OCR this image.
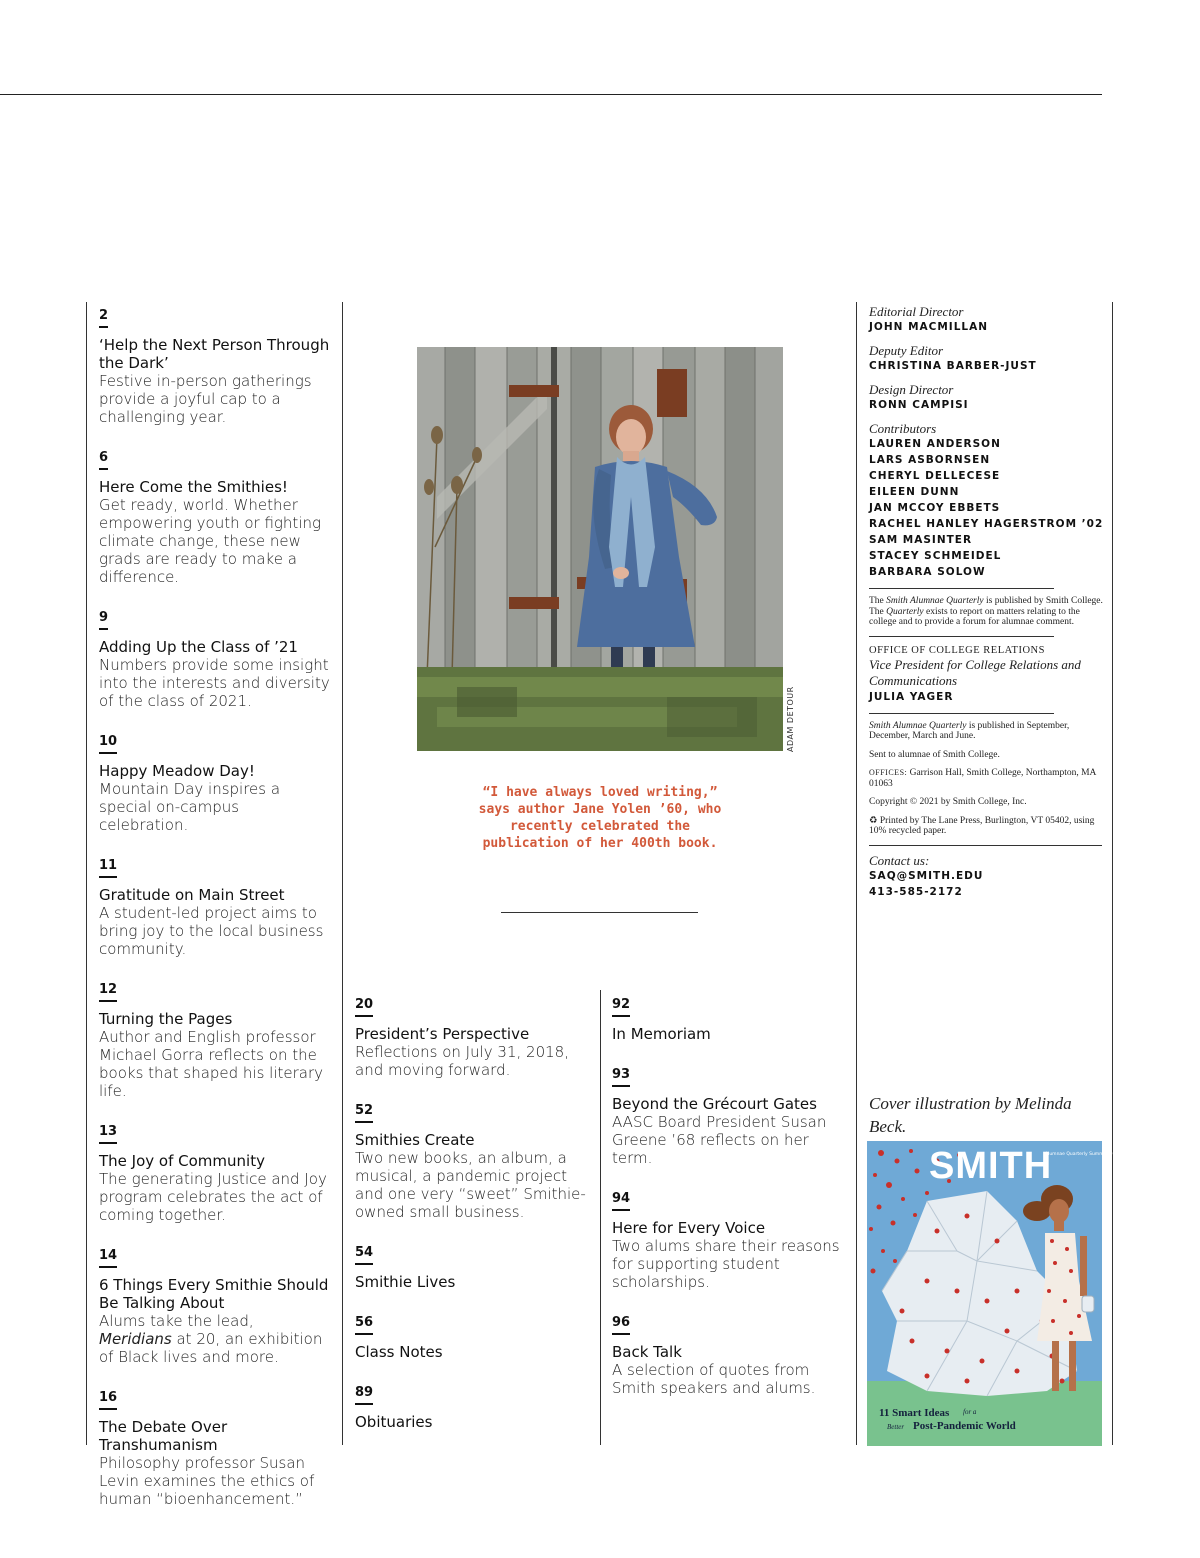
2
‘Help the Next Person Through the Dark’
Festive in-person gatherings provide a joyful cap to a challenging year.
6
Here Come the Smithies!
Get ready, world. Whether empowering youth or fighting climate change, these new grads are ready to make a difference.
9
Adding Up the Class of ’21
Numbers provide some insight into the interests and diversity of the class of 2021.
10
Happy Meadow Day!
Mountain Day inspires a special on-campus celebration.
11
Gratitude on Main Street
A student-led project aims to bring joy to the local business community.
12
Turning the Pages
Author and English professor Michael Gorra reflects on the books that shaped his literary life.
13
The Joy of Community
The generating Justice and Joy program celebrates the act of coming together.
14
6 Things Every Smithie Should Be Talking About
Alums take the lead, Meridians at 20, an exhibition of Black lives and more.
16
The Debate Over Transhumanism
Philosophy professor Susan Levin examines the ethics of human “bioenhancement.”
ADAM DETOUR
“I have always loved writing,” says author Jane Yolen ’60, who recently celebrated the publication of her 400th book.
20
President’s Perspective
Reflections on July 31, 2018, and moving forward.
52
Smithies Create
Two new books, an album, a musical, a pandemic project and one very “sweet” Smithie-owned small business.
54
Smithie Lives
56
Class Notes
89
Obituaries
92
In Memoriam
93
Beyond the Grécourt Gates
AASC Board President Susan Greene ’68 reflects on her term.
94
Here for Every Voice
Two alums share their reasons for supporting student scholarships.
96
Back Talk
A selection of quotes from Smith speakers and alums.
Editorial Director
JOHN MACMILLAN
Deputy Editor
CHRISTINA BARBER-JUST
Design Director
RONN CAMPISI
Contributors
LAUREN ANDERSON
LARS ASBORNSEN
CHERYL DELLECESE
EILEEN DUNN
JAN MCCOY EBBETS
RACHEL HANLEY HAGERSTROM ’02
SAM MASINTER
STACEY SCHMEIDEL
BARBARA SOLOW
The Smith Alumnae Quarterly is published by Smith College. The Quarterly exists to report on matters relating to the college and to provide a forum for alumnae comment.
OFFICE OF COLLEGE RELATIONS
Vice President for College Relations and Communications
JULIA YAGER
Smith Alumnae Quarterly is published in September, December, March and June.
Sent to alumnae of Smith College.
OFFICES: Garrison Hall, Smith College, Northampton, MA 01063
Copyright © 2021 by Smith College, Inc.
♻ Printed by The Lane Press, Burlington, VT 05402, using 10% recycled paper.
Contact us:
SAQ@SMITH.EDU
413-585-2172
Cover illustration by Melinda Beck.
SMITH
Alumnae Quarterly Summer 2021
11 Smart Ideas for a
Better Post-Pandemic World
